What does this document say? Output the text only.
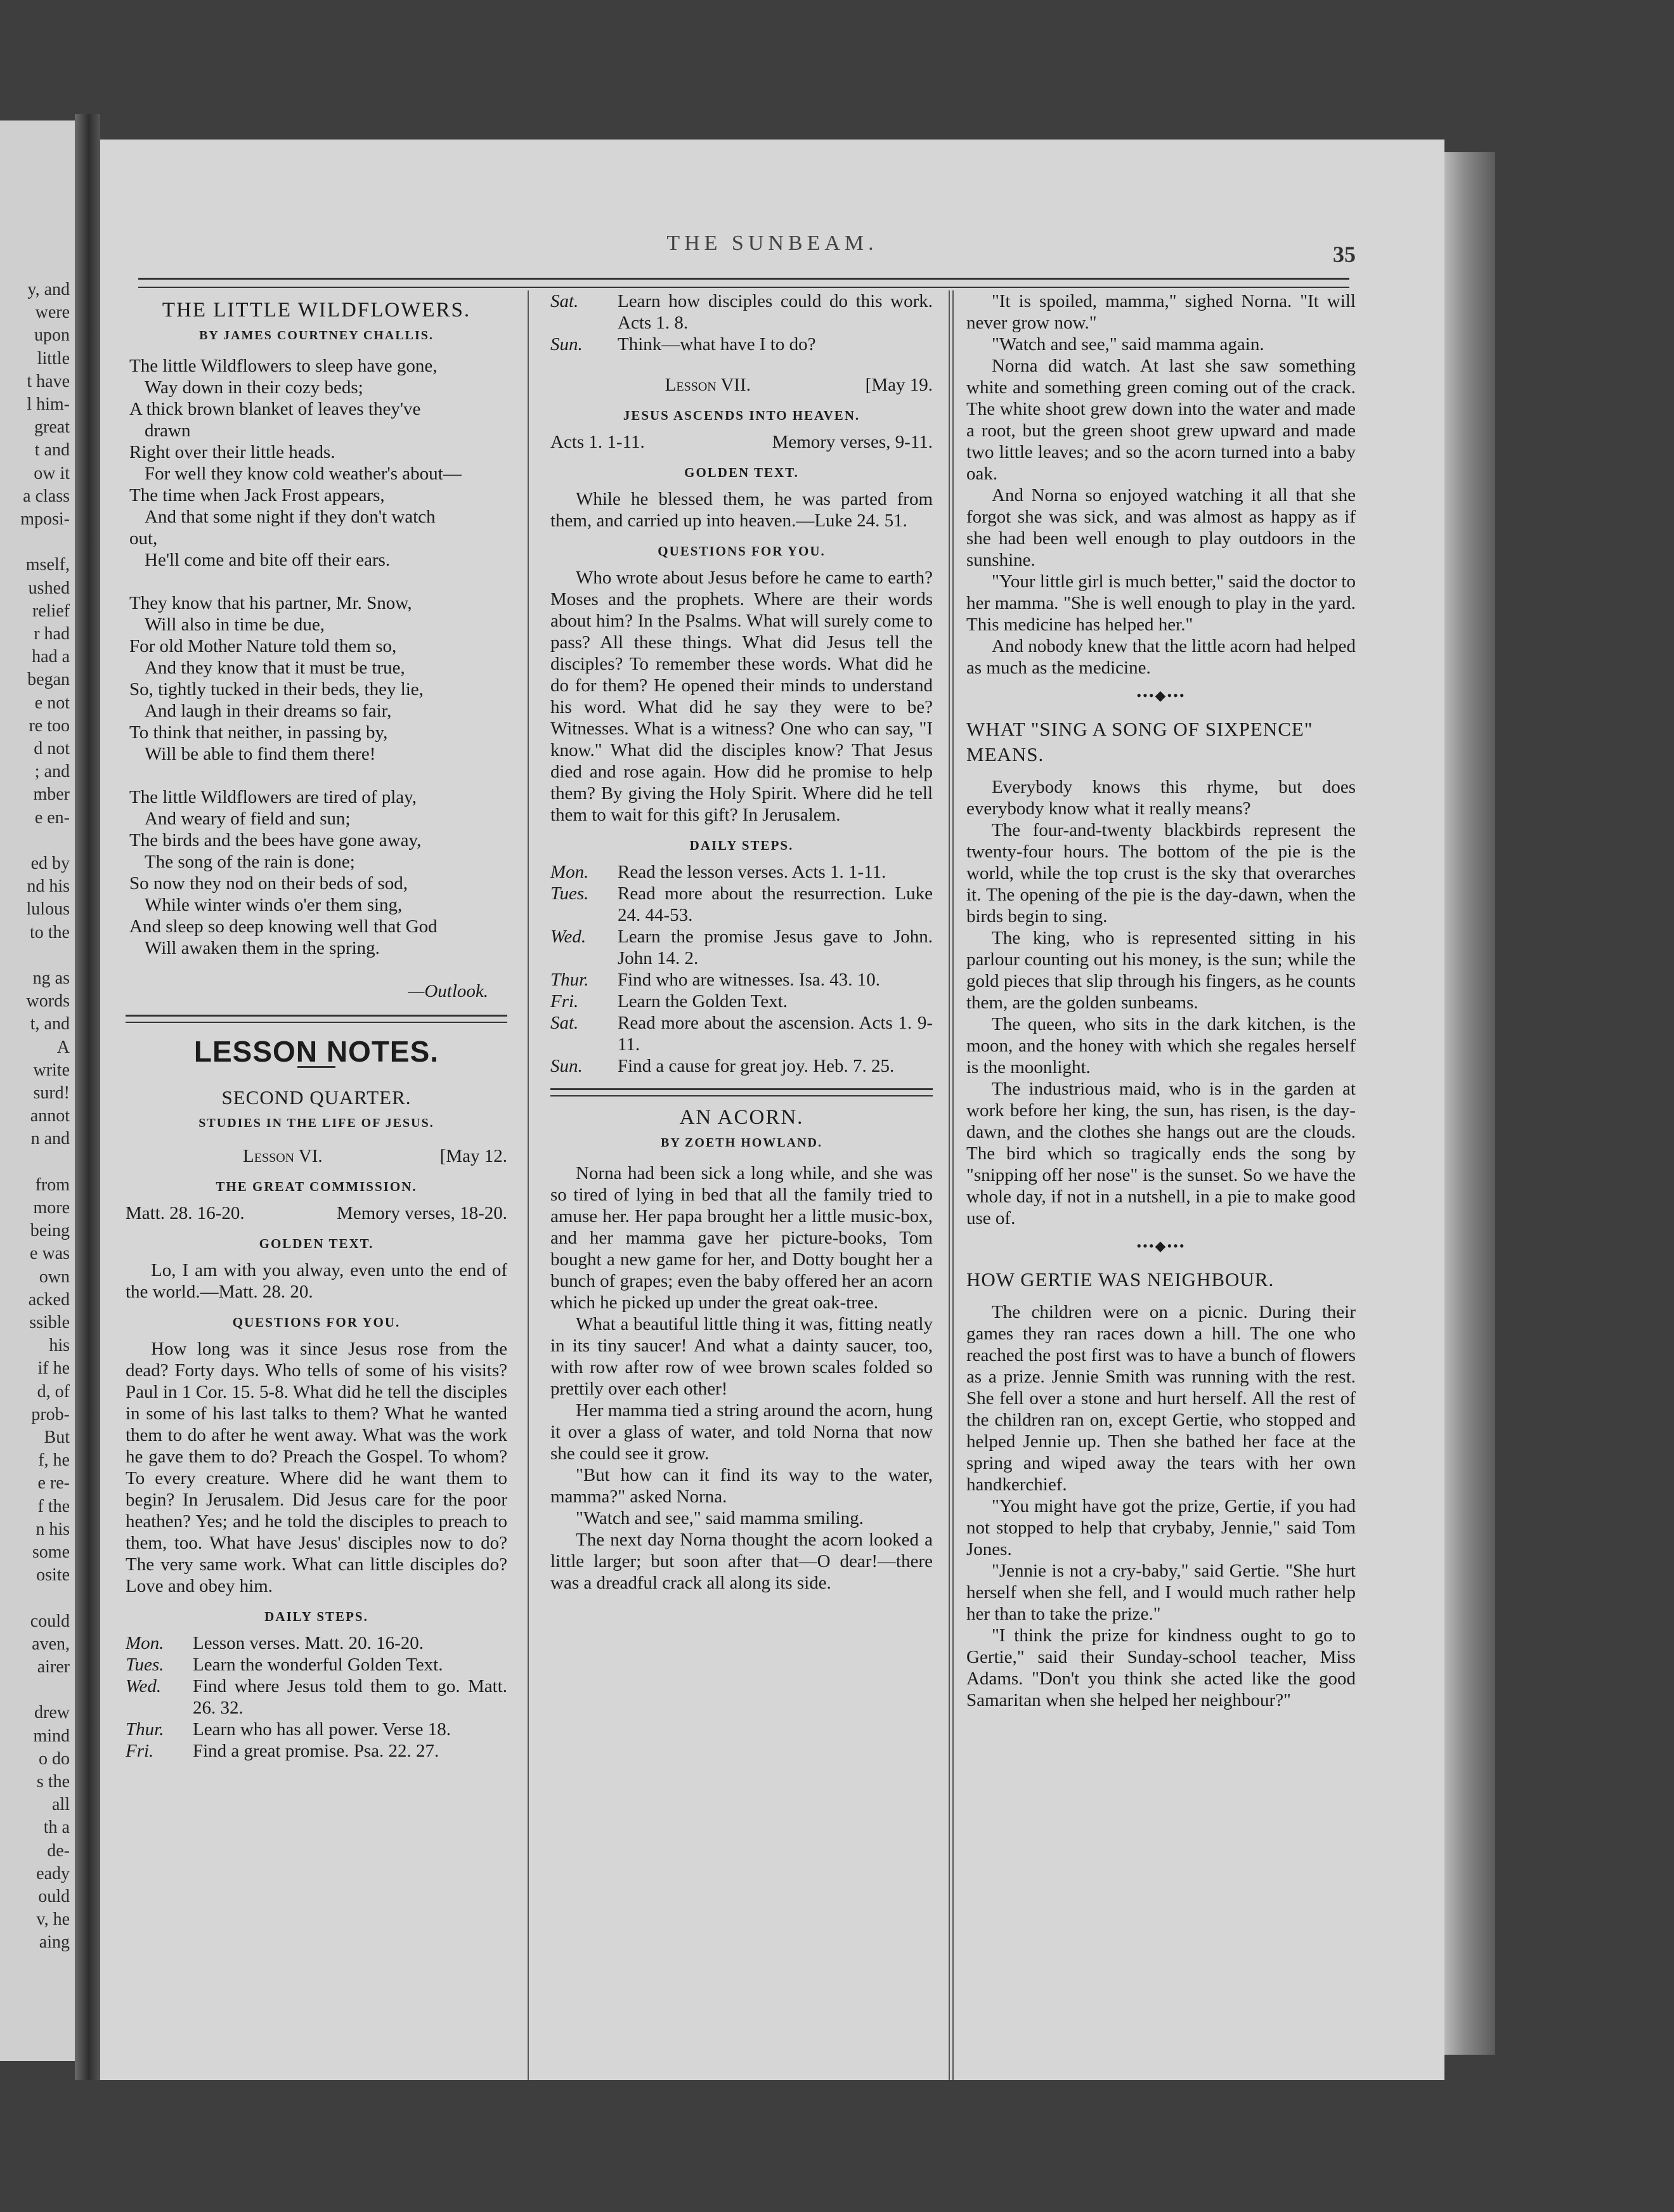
y, and
were
upon
little
t have
l him-
great
t and
ow it
a class
mposi-
mself,
ushed
relief
r had
had a
began
e not
re too
d not
; and
mber
e en-
ed by
nd his
lulous
to the
ng as
words
t, and
A
write
surd!
annot
n and
from
more
being
e was
own
acked
ssible
his
if he
d, of
prob-
But
f, he
e re-
f the
n his
some
osite
could
aven,
airer
drew
mind
o do
s the
all
th a
de-
eady
ould
v, he
aing
THE SUNBEAM.	35
THE LITTLE WILDFLOWERS.
BY JAMES COURTNEY CHALLIS.
The little Wildflowers to sleep have gone,
Way down in their cozy beds;
A thick brown blanket of leaves they've
drawn
Right over their little heads.
For well they know cold weather's about—
The time when Jack Frost appears,
And that some night if they don't watch
out,
He'll come and bite off their ears.
They know that his partner, Mr. Snow,
Will also in time be due,
For old Mother Nature told them so,
And they know that it must be true,
So, tightly tucked in their beds, they lie,
And laugh in their dreams so fair,
To think that neither, in passing by,
Will be able to find them there!
The little Wildflowers are tired of play,
And weary of field and sun;
The birds and the bees have gone away,
The song of the rain is done;
So now they nod on their beds of sod,
While winter winds o'er them sing,
And sleep so deep knowing well that God
Will awaken them in the spring.
—Outlook.
LESSON NOTES.
SECOND QUARTER.
STUDIES IN THE LIFE OF JESUS.
Lesson VI.	[May 12.
THE GREAT COMMISSION.
Matt. 28. 16-20.	Memory verses, 18-20.
GOLDEN TEXT.

Lo, I am with you alway, even unto the end of the world.—Matt. 28. 20.

QUESTIONS FOR YOU.

How long was it since Jesus rose from the dead? Forty days. Who tells of some of his visits? Paul in 1 Cor. 15. 5-8. What did he tell the disciples in some of his last talks to them? What he wanted them to do after he went away. What was the work he gave them to do? Preach the Gospel. To whom? To every creature. Where did he want them to begin? In Jerusalem. Did Jesus care for the poor heathen? Yes; and he told the disciples to preach to them, too. What have Jesus' disciples now to do? The very same work. What can little disciples do? Love and obey him.

DAILY STEPS.
Mon.	Lesson verses. Matt. 20. 16-20.
Tues.	Learn the wonderful Golden Text.
Wed.	Find where Jesus told them to go. Matt. 26. 32.
Thur.	Learn who has all power. Verse 18.
Fri.	Find a great promise. Psa. 22. 27.
Sat.	Learn how disciples could do this work. Acts 1. 8.
Sun.	Think—what have I to do?
Lesson VII.	[May 19.
JESUS ASCENDS INTO HEAVEN.
Acts 1. 1-11.	Memory verses, 9-11.
GOLDEN TEXT.

While he blessed them, he was parted from them, and carried up into heaven.—Luke 24. 51.

QUESTIONS FOR YOU.

Who wrote about Jesus before he came to earth? Moses and the prophets. Where are their words about him? In the Psalms. What will surely come to pass? All these things. What did Jesus tell the disciples? To remember these words. What did he do for them? He opened their minds to understand his word. What did he say they were to be? Witnesses. What is a witness? One who can say, "I know." What did the disciples know? That Jesus died and rose again. How did he promise to help them? By giving the Holy Spirit. Where did he tell them to wait for this gift? In Jerusalem.

DAILY STEPS.
Mon.	Read the lesson verses. Acts 1. 1-11.
Tues.	Read more about the resurrection. Luke 24. 44-53.
Wed.	Learn the promise Jesus gave to John. John 14. 2.
Thur.	Find who are witnesses. Isa. 43. 10.
Fri.	Learn the Golden Text.
Sat.	Read more about the ascension. Acts 1. 9-11.
Sun.	Find a cause for great joy. Heb. 7. 25.
AN ACORN.
BY ZOETH HOWLAND.

Norna had been sick a long while, and she was so tired of lying in bed that all the family tried to amuse her. Her papa brought her a little music-box, and her mamma gave her picture-books, Tom bought a new game for her, and Dotty bought her a bunch of grapes; even the baby offered her an acorn which he picked up under the great oak-tree.

What a beautiful little thing it was, fitting neatly in its tiny saucer! And what a dainty saucer, too, with row after row of wee brown scales folded so prettily over each other!

Her mamma tied a string around the acorn, hung it over a glass of water, and told Norna that now she could see it grow.

"But how can it find its way to the water, mamma?" asked Norna.

"Watch and see," said mamma smiling.

The next day Norna thought the acorn looked a little larger; but soon after that—O dear!—there was a dreadful crack all along its side.

"It is spoiled, mamma," sighed Norna. "It will never grow now."

"Watch and see," said mamma again.

Norna did watch. At last she saw something white and something green coming out of the crack. The white shoot grew down into the water and made a root, but the green shoot grew upward and made two little leaves; and so the acorn turned into a baby oak.

And Norna so enjoyed watching it all that she forgot she was sick, and was almost as happy as if she had been well enough to play outdoors in the sunshine.

"Your little girl is much better," said the doctor to her mamma. "She is well enough to play in the yard. This medicine has helped her."

And nobody knew that the little acorn had helped as much as the medicine.

•••◆•••
WHAT "SING A SONG OF SIXPENCE" MEANS.

Everybody knows this rhyme, but does everybody know what it really means?

The four-and-twenty blackbirds represent the twenty-four hours. The bottom of the pie is the world, while the top crust is the sky that overarches it. The opening of the pie is the day-dawn, when the birds begin to sing.

The king, who is represented sitting in his parlour counting out his money, is the sun; while the gold pieces that slip through his fingers, as he counts them, are the golden sunbeams.

The queen, who sits in the dark kitchen, is the moon, and the honey with which she regales herself is the moonlight.

The industrious maid, who is in the garden at work before her king, the sun, has risen, is the day-dawn, and the clothes she hangs out are the clouds. The bird which so tragically ends the song by "snipping off her nose" is the sunset. So we have the whole day, if not in a nutshell, in a pie to make good use of.

•••◆•••
HOW GERTIE WAS NEIGHBOUR.

The children were on a picnic. During their games they ran races down a hill. The one who reached the post first was to have a bunch of flowers as a prize. Jennie Smith was running with the rest. She fell over a stone and hurt herself. All the rest of the children ran on, except Gertie, who stopped and helped Jennie up. Then she bathed her face at the spring and wiped away the tears with her own handkerchief.

"You might have got the prize, Gertie, if you had not stopped to help that crybaby, Jennie," said Tom Jones.

"Jennie is not a cry-baby," said Gertie. "She hurt herself when she fell, and I would much rather help her than to take the prize."

"I think the prize for kindness ought to go to Gertie," said their Sunday-school teacher, Miss Adams. "Don't you think she acted like the good Samaritan when she helped her neighbour?"
